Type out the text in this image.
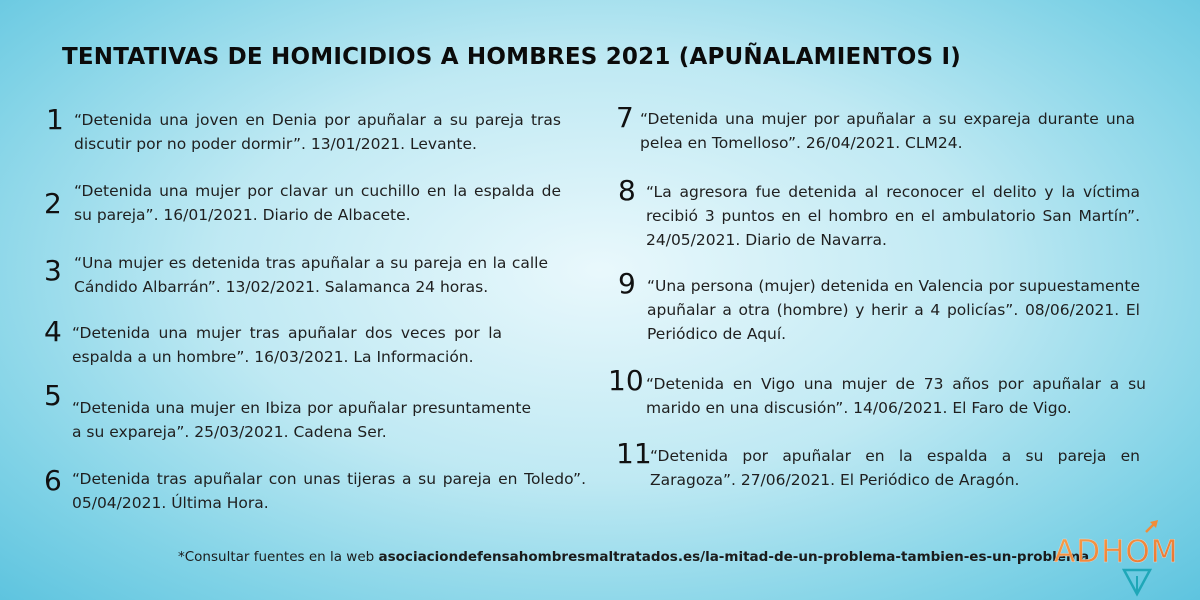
TENTATIVAS DE HOMICIDIOS A HOMBRES 2021 (APUÑALAMIENTOS I)
1 “Detenida una joven en Denia por apuñalar a su pareja tras discutir por no poder dormir”. 13/01/2021. Levante.
2 “Detenida una mujer por clavar un cuchillo en la espalda de su pareja”. 16/01/2021. Diario de Albacete.
3 “Una mujer es detenida tras apuñalar a su pareja en la calle Cándido Albarrán”. 13/02/2021. Salamanca 24 horas.
4 “Detenida una mujer tras apuñalar dos veces por la espalda a un hombre”. 16/03/2021. La Información.
5 “Detenida una mujer en Ibiza por apuñalar presuntamente a su expareja”. 25/03/2021. Cadena Ser.
6 “Detenida tras apuñalar con unas tijeras a su pareja en Toledo”. 05/04/2021. Última Hora.
7 “Detenida una mujer por apuñalar a su expareja durante una pelea en Tomelloso”. 26/04/2021. CLM24.
8 “La agresora fue detenida al reconocer el delito y la víctima recibió 3 puntos en el hombro en el ambulatorio San Martín”. 24/05/2021. Diario de Navarra.
9 “Una persona (mujer) detenida en Valencia por supuestamente apuñalar a otra (hombre) y herir a 4 policías”. 08/06/2021. El Periódico de Aquí.
10 “Detenida en Vigo una mujer de 73 años por apuñalar a su marido en una discusión”. 14/06/2021. El Faro de Vigo.
11
“Detenida por apuñalar en la espalda a su pareja en Zaragoza”. 27/06/2021. El Periódico de Aragón.
*Consultar fuentes en la web asociaciondefensahombresmaltratados.es/la-mitad-de-un-problema-tambien-es-un-problema
ADHOM
